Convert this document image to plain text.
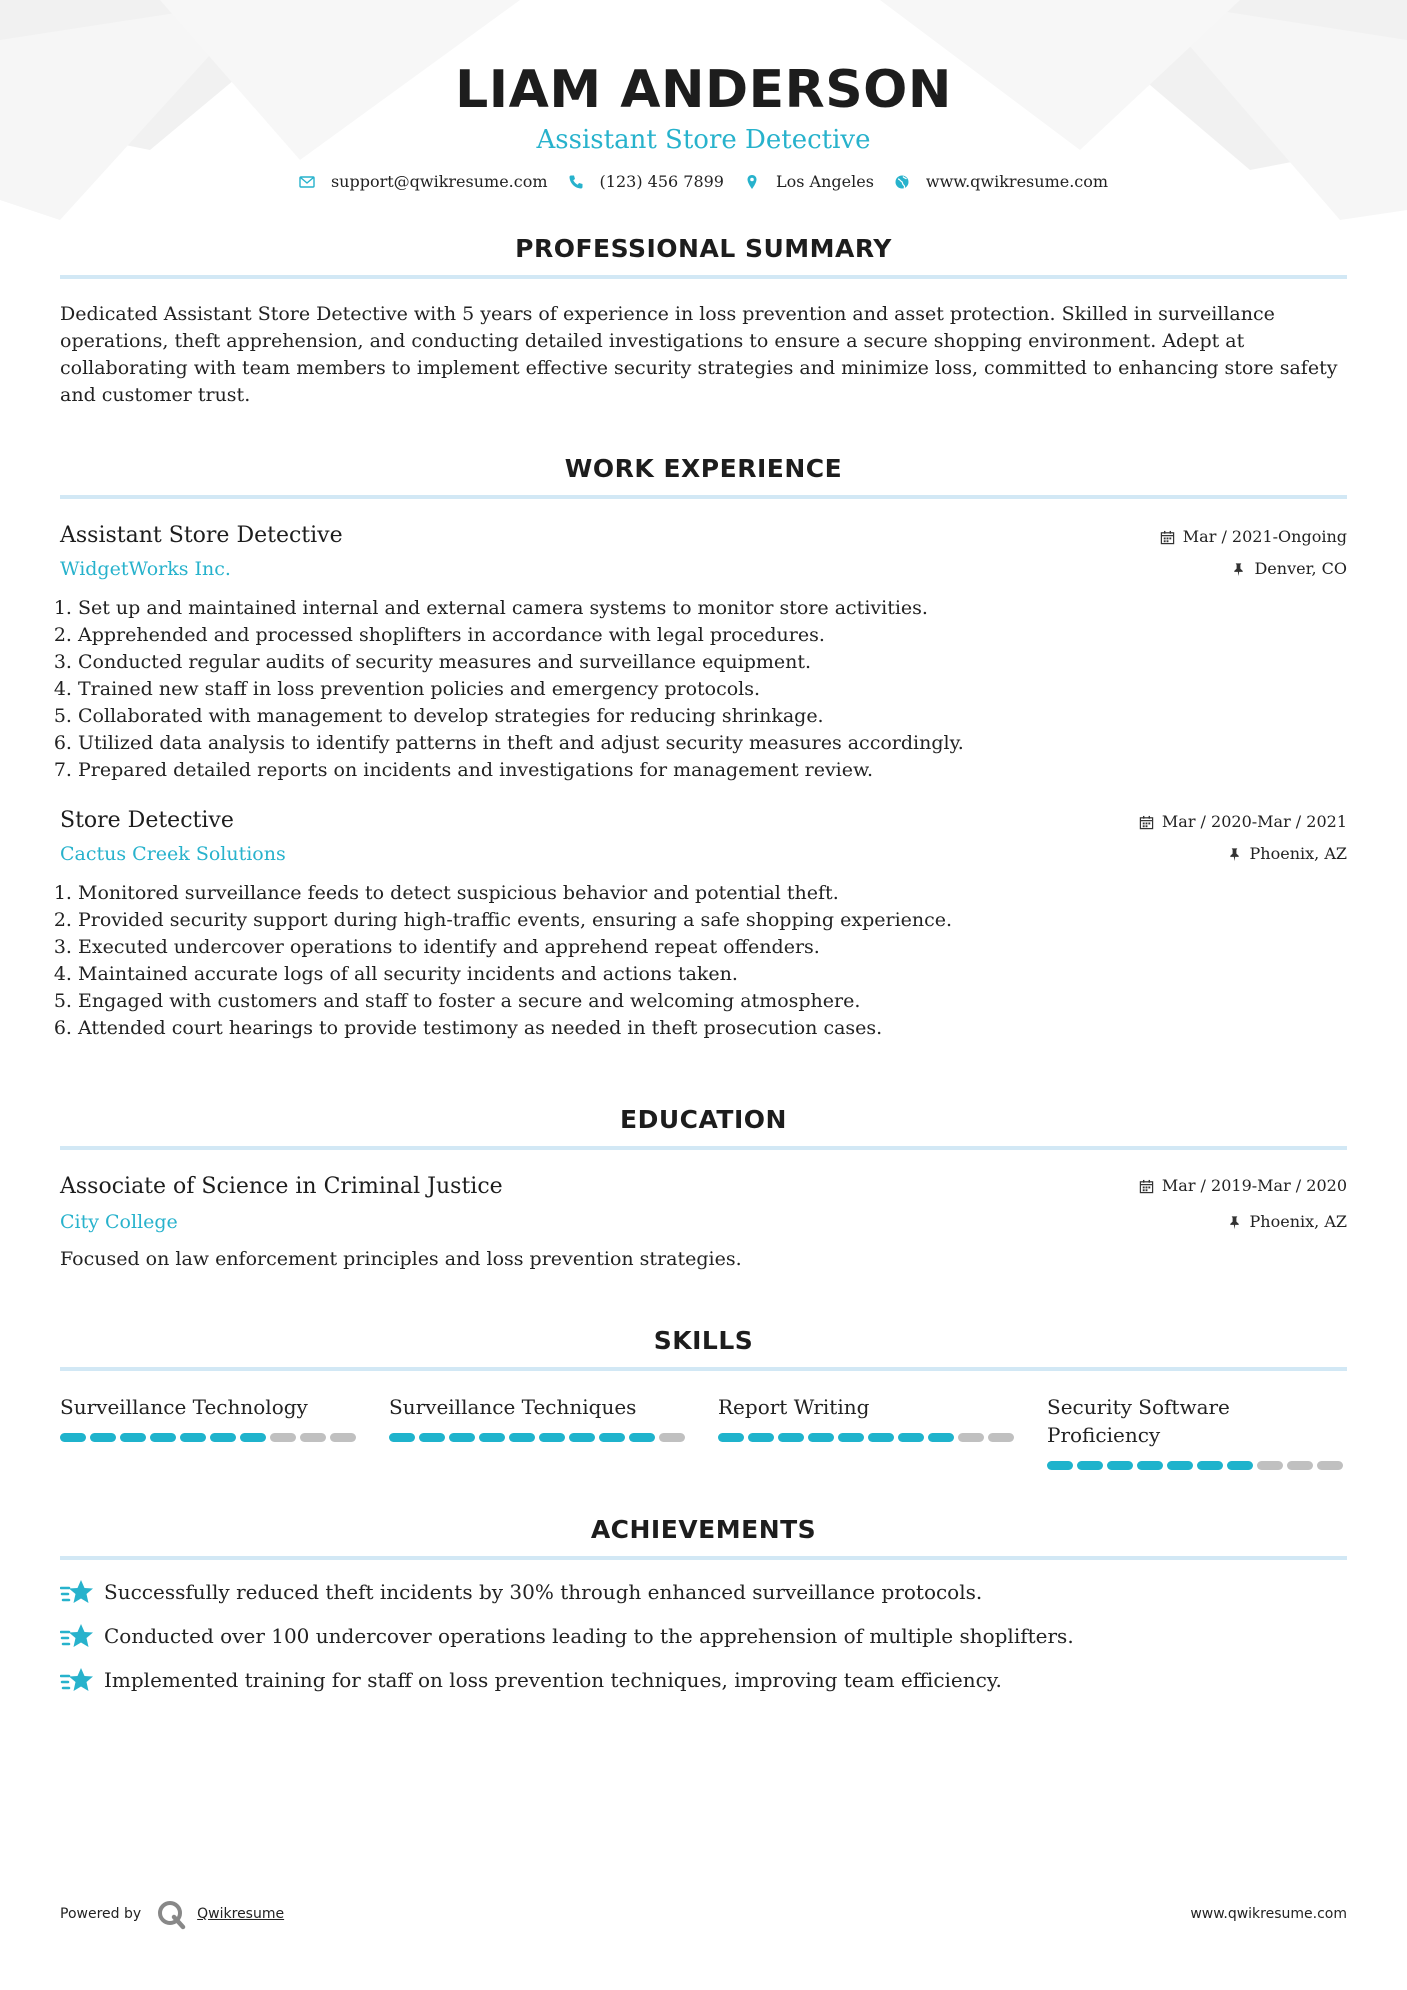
LIAM ANDERSON
Assistant Store Detective
support@qwikresume.com	(123) 456 7899	Los Angeles	www.qwikresume.com
PROFESSIONAL SUMMARY

Dedicated Assistant Store Detective with 5 years of experience in loss prevention and asset protection. Skilled in surveillance operations, theft apprehension, and conducting detailed investigations to ensure a secure shopping environment. Adept at collaborating with team members to implement effective security strategies and minimize loss, committed to enhancing store safety and customer trust.

WORK EXPERIENCE
Assistant Store Detective
WidgetWorks Inc.
Mar / 2021-Ongoing
Denver, CO
1. Set up and maintained internal and external camera systems to monitor store activities.
2. Apprehended and processed shoplifters in accordance with legal procedures.
3. Conducted regular audits of security measures and surveillance equipment.
4. Trained new staff in loss prevention policies and emergency protocols.
5. Collaborated with management to develop strategies for reducing shrinkage.
6. Utilized data analysis to identify patterns in theft and adjust security measures accordingly.
7. Prepared detailed reports on incidents and investigations for management review.
Store Detective
Cactus Creek Solutions
Mar / 2020-Mar / 2021
Phoenix, AZ
1. Monitored surveillance feeds to detect suspicious behavior and potential theft.
2. Provided security support during high-traffic events, ensuring a safe shopping experience.
3. Executed undercover operations to identify and apprehend repeat offenders.
4. Maintained accurate logs of all security incidents and actions taken.
5. Engaged with customers and staff to foster a secure and welcoming atmosphere.
6. Attended court hearings to provide testimony as needed in theft prosecution cases.
EDUCATION
Associate of Science in Criminal Justice
City College
Mar / 2019-Mar / 2020
Phoenix, AZ

Focused on law enforcement principles and loss prevention strategies.

SKILLS
Surveillance Technology	Surveillance Techniques	Report Writing	Security Software Proficiency
ACHIEVEMENTS
Successfully reduced theft incidents by 30% through enhanced surveillance protocols.
Conducted over 100 undercover operations leading to the apprehension of multiple shoplifters.
Implemented training for staff on loss prevention techniques, improving team efficiency.
Powered by	Qwikresume	www.qwikresume.com
